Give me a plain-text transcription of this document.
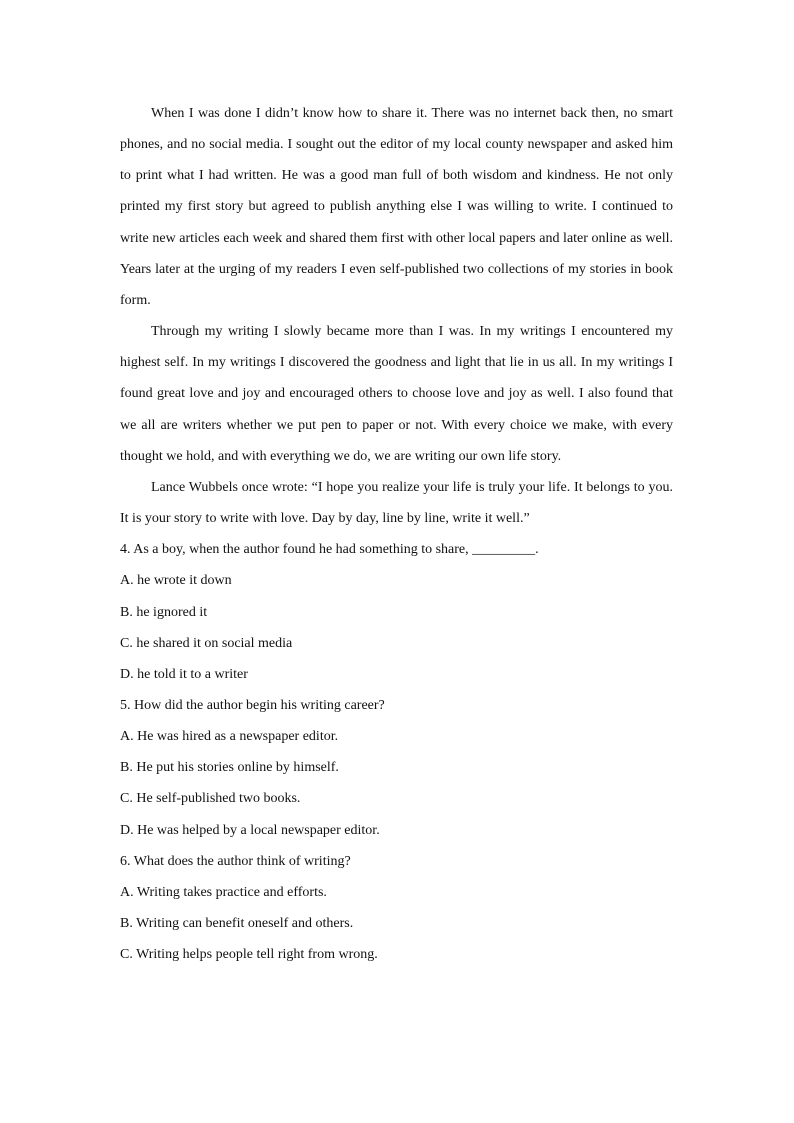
When I was done I didn’t know how to share it. There was no internet back then, no smart phones, and no social media. I sought out the editor of my local county newspaper and asked him to print what I had written. He was a good man full of both wisdom and kindness. He not only printed my first story but agreed to publish anything else I was willing to write. I continued to write new articles each week and shared them first with other local papers and later online as well. Years later at the urging of my readers I even self-published two collections of my stories in book form.

Through my writing I slowly became more than I was. In my writings I encountered my highest self. In my writings I discovered the goodness and light that lie in us all. In my writings I found great love and joy and encouraged others to choose love and joy as well. I also found that we all are writers whether we put pen to paper or not. With every choice we make, with every thought we hold, and with everything we do, we are writing our own life story.

Lance Wubbels once wrote: “I hope you realize your life is truly your life. It belongs to you. It is your story to write with love. Day by day, line by line, write it well.”

4. As a boy, when the author found he had something to share, _________.

A. he wrote it down

B. he ignored it

C. he shared it on social media

D. he told it to a writer

5. How did the author begin his writing career?

A. He was hired as a newspaper editor.

B. He put his stories online by himself.

C. He self-published two books.

D. He was helped by a local newspaper editor.

6. What does the author think of writing?

A. Writing takes practice and efforts.

B. Writing can benefit oneself and others.

C. Writing helps people tell right from wrong.
